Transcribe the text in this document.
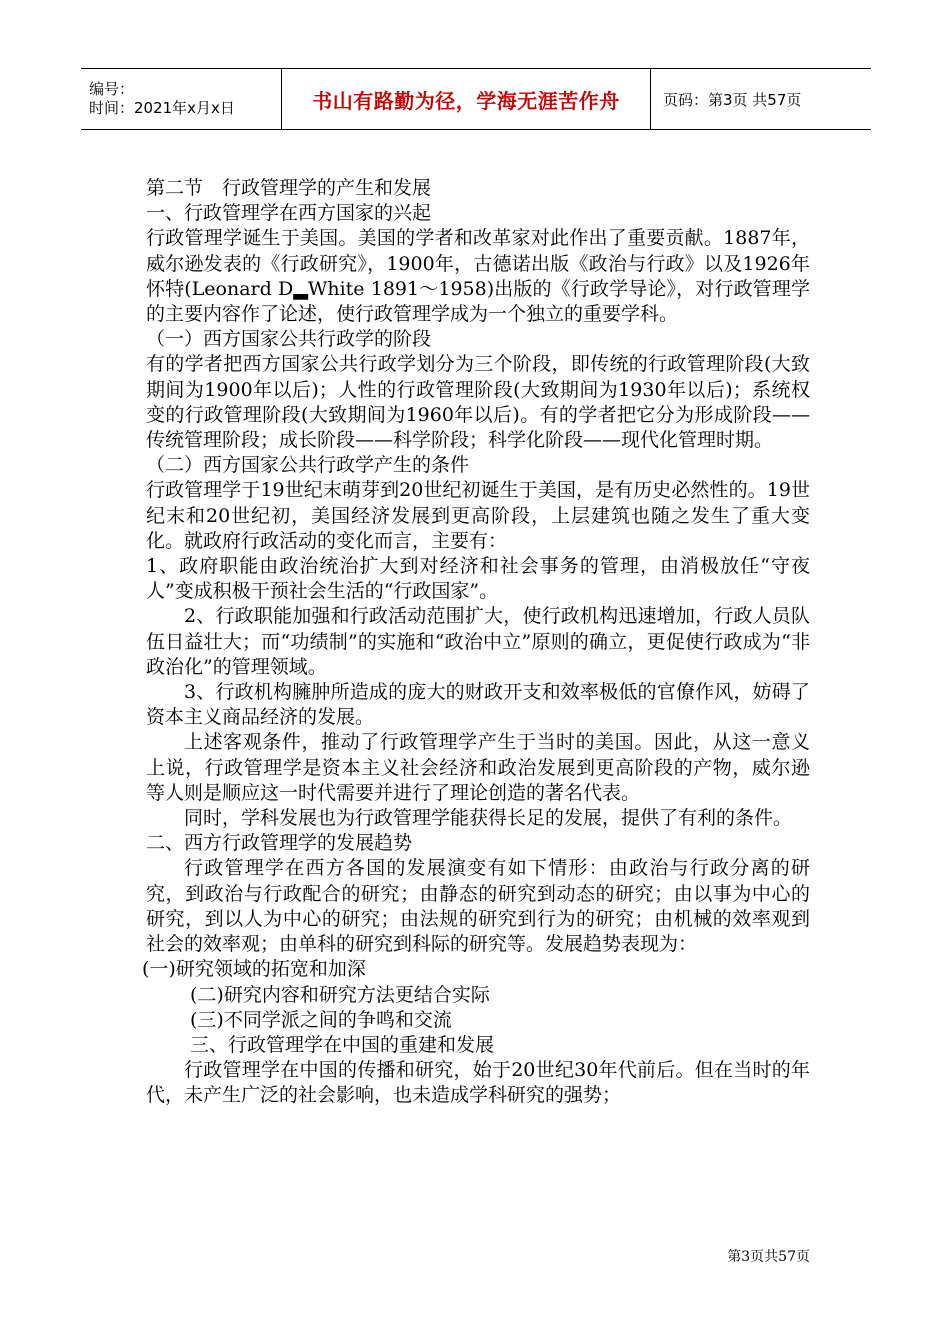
编号：
时间：2021年x月x日	书山有路勤为径，学海无涯苦作舟	页码：第3页 共57页

第二节　行政管理学的产生和发展

一、行政管理学在西方国家的兴起

行政管理学诞生于美国。美国的学者和改革家对此作出了重要贡献。1887年，威尔逊发表的《行政研究》，1900年，古德诺出版《政治与行政》以及1926年怀特(Leonard D▂White 1891～1958)出版的《行政学导论》，对行政管理学的主要内容作了论述，使行政管理学成为一个独立的重要学科。

（一）西方国家公共行政学的阶段

有的学者把西方国家公共行政学划分为三个阶段，即传统的行政管理阶段(大致期间为1900年以后)；人性的行政管理阶段(大致期间为1930年以后)；系统权变的行政管理阶段(大致期间为1960年以后)。有的学者把它分为形成阶段——传统管理阶段；成长阶段——科学阶段；科学化阶段——现代化管理时期。

（二）西方国家公共行政学产生的条件

行政管理学于19世纪末萌芽到20世纪初诞生于美国，是有历史必然性的。19世纪末和20世纪初，美国经济发展到更高阶段，上层建筑也随之发生了重大变化。就政府行政活动的变化而言，主要有：

1、政府职能由政治统治扩大到对经济和社会事务的管理，由消极放任“守夜人”变成积极干预社会生活的“行政国家”。

2、行政职能加强和行政活动范围扩大，使行政机构迅速增加，行政人员队伍日益壮大；而“功绩制”的实施和“政治中立”原则的确立，更促使行政成为“非政治化”的管理领域。

3、行政机构臃肿所造成的庞大的财政开支和效率极低的官僚作风，妨碍了资本主义商品经济的发展。

上述客观条件，推动了行政管理学产生于当时的美国。因此，从这一意义上说，行政管理学是资本主义社会经济和政治发展到更高阶段的产物，威尔逊等人则是顺应这一时代需要并进行了理论创造的著名代表。

同时，学科发展也为行政管理学能获得长足的发展，提供了有利的条件。

二、西方行政管理学的发展趋势

行政管理学在西方各国的发展演变有如下情形：由政治与行政分离的研究，到政治与行政配合的研究；由静态的研究到动态的研究；由以事为中心的研究，到以人为中心的研究；由法规的研究到行为的研究；由机械的效率观到社会的效率观；由单科的研究到科际的研究等。发展趋势表现为：

(一)研究领域的拓宽和加深

(二)研究内容和研究方法更结合实际

(三)不同学派之间的争鸣和交流

三、行政管理学在中国的重建和发展

行政管理学在中国的传播和研究，始于20世纪30年代前后。但在当时的年代，未产生广泛的社会影响，也未造成学科研究的强势；

第3页共57页
